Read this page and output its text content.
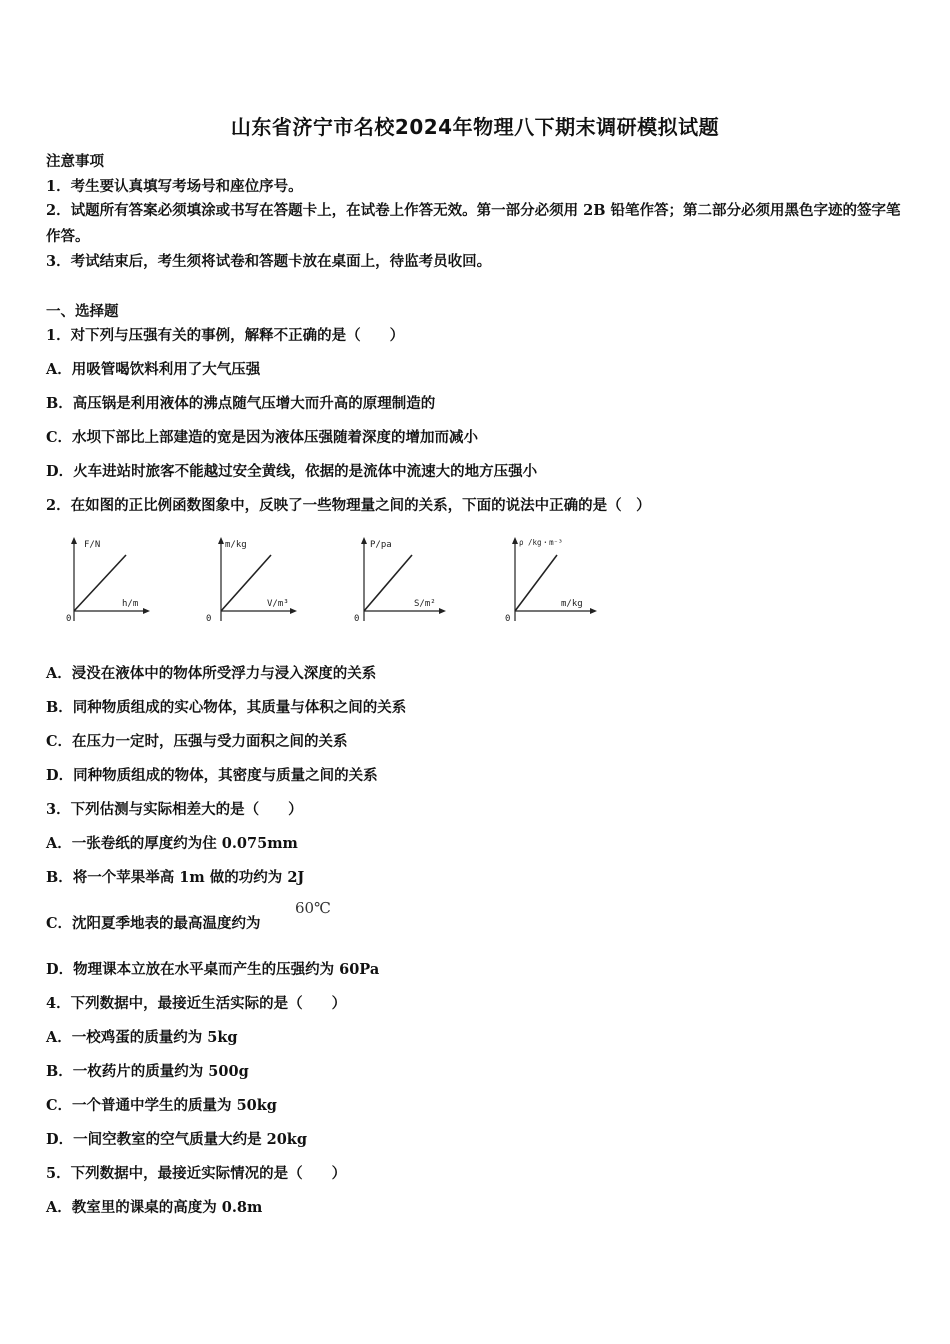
山东省济宁市名校2024年物理八下期末调研模拟试题
注意事项
1．考生要认真填写考场号和座位序号。
2．试题所有答案必须填涂或书写在答题卡上，在试卷上作答无效。第一部分必须用 2B 铅笔作答；第二部分必须用黑色字迹的签字笔作答。
3．考试结束后，考生须将试卷和答题卡放在桌面上，待监考员收回。
一、选择题
1．对下列与压强有关的事例，解释不正确的是（　　）
A．用吸管喝饮料利用了大气压强
B．高压锅是利用液体的沸点随气压增大而升高的原理制造的
C．水坝下部比上部建造的宽是因为液体压强随着深度的增加而减小
D．火车进站时旅客不能越过安全黄线，依据的是流体中流速大的地方压强小
2．在如图的正比例函数图象中，反映了一些物理量之间的关系，下面的说法中正确的是（　）
F/N
h/m
0
m/kg
V/m³
0
P/pa
S/m²
0
ρ /kg・m⁻³
m/kg
0
A．浸没在液体中的物体所受浮力与浸入深度的关系
B．同种物质组成的实心物体，其质量与体积之间的关系
C．在压力一定时，压强与受力面积之间的关系
D．同种物质组成的物体，其密度与质量之间的关系
3．下列估测与实际相差大的是（　　）
A．一张卷纸的厚度约为住 0.075mm
B．将一个苹果举高 1m 做的功约为 2J
C．沈阳夏季地表的最高温度约为
60℃
D．物理课本立放在水平桌而产生的压强约为 60Pa
4．下列数据中，最接近生活实际的是（　　）
A．一校鸡蛋的质量约为 5kg
B．一枚药片的质量约为 500g
C．一个普通中学生的质量为 50kg
D．一间空教室的空气质量大约是 20kg
5．下列数据中，最接近实际情况的是（　　）
A．教室里的课桌的高度为 0.8m
